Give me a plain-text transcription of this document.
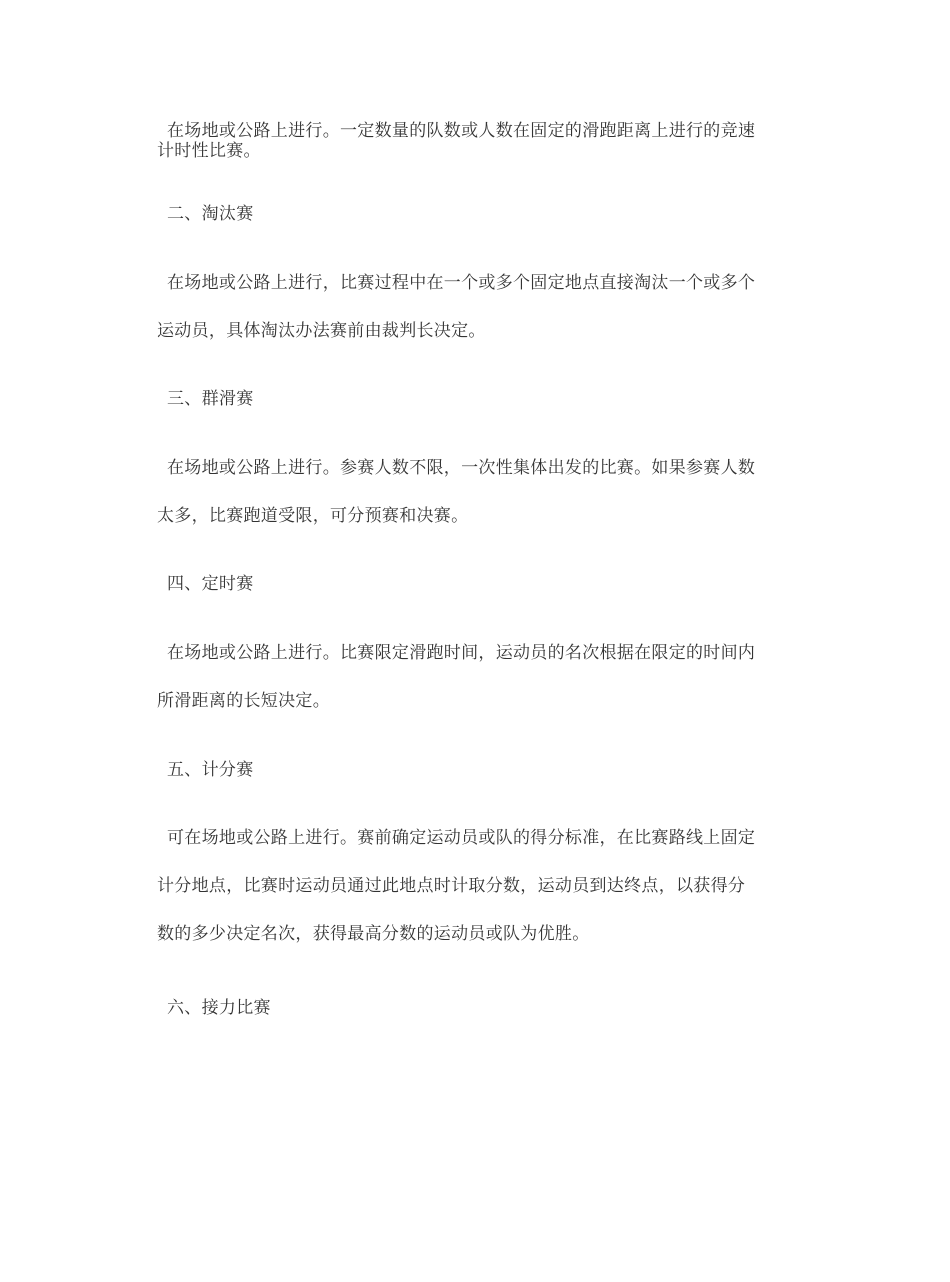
在场地或公路上进行。一定数量的队数或人数在固定的滑跑距离上进行的竞速
计时性比赛。
二、淘汰赛
在场地或公路上进行，比赛过程中在一个或多个固定地点直接淘汰一个或多个
运动员，具体淘汰办法赛前由裁判长决定。
三、群滑赛
在场地或公路上进行。参赛人数不限，一次性集体出发的比赛。如果参赛人数
太多，比赛跑道受限，可分预赛和决赛。
四、定时赛
在场地或公路上进行。比赛限定滑跑时间，运动员的名次根据在限定的时间内
所滑距离的长短决定。
五、计分赛
可在场地或公路上进行。赛前确定运动员或队的得分标准，在比赛路线上固定
计分地点，比赛时运动员通过此地点时计取分数，运动员到达终点，以获得分
数的多少决定名次，获得最高分数的运动员或队为优胜。
六、接力比赛
